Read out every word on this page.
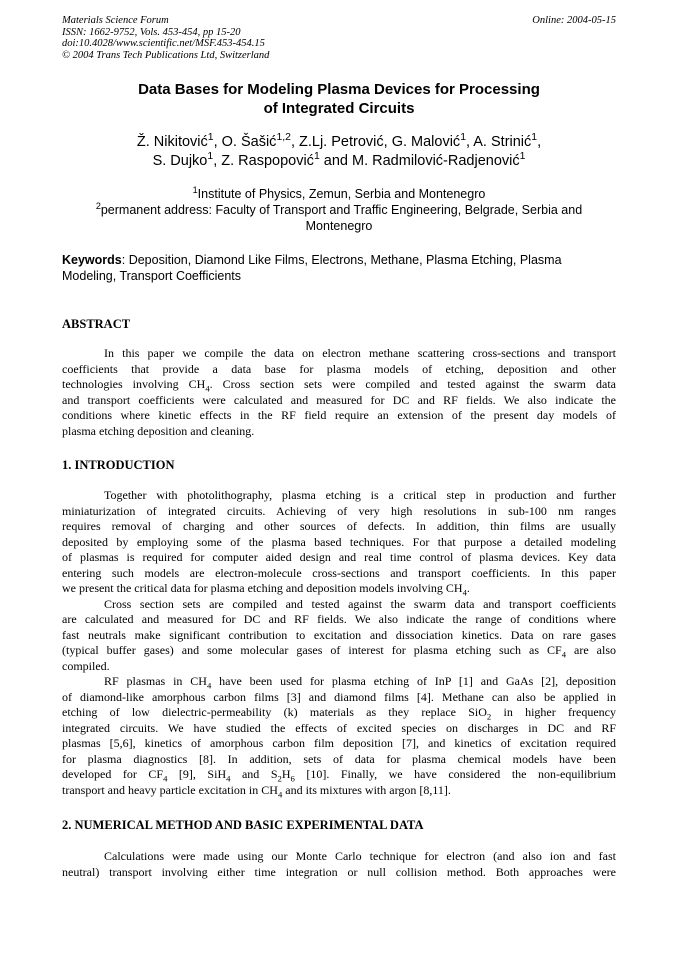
Materials Science Forum
ISSN: 1662-9752, Vols. 453-454, pp 15-20
doi:10.4028/www.scientific.net/MSF.453-454.15
© 2004 Trans Tech Publications Ltd, Switzerland
Online: 2004-05-15
Data Bases for Modeling Plasma Devices for Processing
of Integrated Circuits
Ž. Nikitović$^1$, O. Šašić$^{1,2}$, Z.Lj. Petrović, G. Malović$^1$, A. Strinić$^1$,
S. Dujko$^1$, Z. Raspopović$^1$ and M. Radmilović-Radjenović$^1$
$^1$Institute of Physics, Zemun, Serbia and Montenegro
$^2$permanent address: Faculty of Transport and Traffic Engineering, Belgrade, Serbia and
Montenegro
Keywords: Deposition, Diamond Like Films, Electrons, Methane, Plasma Etching, Plasma
Modeling, Transport Coefficients
ABSTRACT
In this paper we compile the data on electron methane scattering cross-sections and transport
coefficients that provide a data base for plasma models of etching, deposition and other
technologies involving $CH_4$. Cross section sets were compiled and tested against the swarm data
and transport coefficients were calculated and measured for DC and RF fields. We also indicate the
conditions where kinetic effects in the RF field require an extension of the present day models of
plasma etching deposition and cleaning.
1. INTRODUCTION
Together with photolithography, plasma etching is a critical step in production and further
miniaturization of integrated circuits. Achieving of very high resolutions in sub-100 nm ranges
requires removal of charging and other sources of defects. In addition, thin films are usually
deposited by employing some of the plasma based techniques. For that purpose a detailed modeling
of plasmas is required for computer aided design and real time control of plasma devices. Key data
entering such models are electron-molecule cross-sections and transport coefficients. In this paper
we present the critical data for plasma etching and deposition models involving $CH_4$.
Cross section sets are compiled and tested against the swarm data and transport coefficients
are calculated and measured for DC and RF fields. We also indicate the range of conditions where
fast neutrals make significant contribution to excitation and dissociation kinetics. Data on rare gases
(typical buffer gases) and some molecular gases of interest for plasma etching such as $CF_4$ are also
compiled.
RF plasmas in $CH_4$ have been used for plasma etching of InP [1] and GaAs [2], deposition
of diamond-like amorphous carbon films [3] and diamond films [4]. Methane can also be applied in
etching of low dielectric-permeability (k) materials as they replace SiO$_2$ in higher frequency
integrated circuits. We have studied the effects of excited species on discharges in DC and RF
plasmas [5,6], kinetics of amorphous carbon film deposition [7], and kinetics of excitation required
for plasma diagnostics [8]. In addition, sets of data for plasma chemical models have been
developed for $CF_4$ [9], SiH$_4$ and $S_2H_6$ [10]. Finally, we have considered the non-equilibrium
transport and heavy particle excitation in $CH_4$ and its mixtures with argon [8,11].
2. NUMERICAL METHOD AND BASIC EXPERIMENTAL DATA
Calculations were made using our Monte Carlo technique for electron (and also ion and fast
neutral) transport involving either time integration or null collision method. Both approaches were
